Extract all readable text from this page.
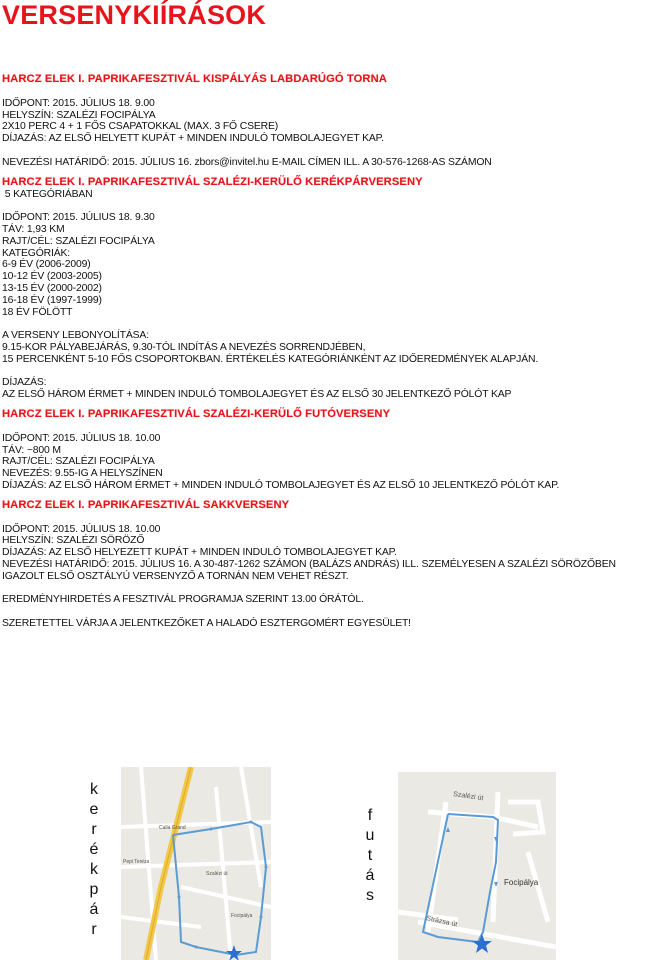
VERSENYKIÍRÁSOK
HARCZ ELEK I. PAPRIKAFESZTIVÁL KISPÁLYÁS LABDARÚGÓ TORNA
IDŐPONT: 2015. JÚLIUS 18. 9.00
HELYSZÍN: SZALÉZI FOCIPÁLYA
2X10 PERC 4 + 1 FŐS CSAPATOKKAL (MAX. 3 FŐ CSERE)
DÍJAZÁS: AZ ELSŐ HELYETT KUPÁT + MINDEN INDULÓ TOMBOLAJEGYET KAP.
NEVEZÉSI HATÁRIDŐ: 2015. JÚLIUS 16. zbors@invitel.hu E-MAIL CÍMEN ILL. A 30-576-1268-AS SZÁMON
HARCZ ELEK I. PAPRIKAFESZTIVÁL SZALÉZI-KERÜLŐ KERÉKPÁRVERSENY
5 KATEGÓRIÁBAN
IDŐPONT: 2015. JÚLIUS 18. 9.30
TÁV: 1,93 KM
RAJT/CÉL: SZALÉZI FOCIPÁLYA
KATEGÓRIÁK:
6-9 ÉV (2006-2009)
10-12 ÉV (2003-2005)
13-15 ÉV (2000-2002)
16-18 ÉV (1997-1999)
18 ÉV FÖLÖTT
A VERSENY LEBONYOLÍTÁSA:
9.15-KOR PÁLYABEJÁRÁS, 9.30-TÓL INDÍTÁS A NEVEZÉS SORRENDJÉBEN,
15 PERCENKÉNT 5-10 FŐS CSOPORTOKBAN. ÉRTÉKELÉS KATEGÓRIÁNKÉNT AZ IDŐEREDMÉNYEK ALAPJÁN.
DÍJAZÁS:
AZ ELSŐ HÁROM ÉRMET + MINDEN INDULÓ TOMBOLAJEGYET ÉS AZ ELSŐ 30 JELENTKEZŐ PÓLÓT KAP
HARCZ ELEK I. PAPRIKAFESZTIVÁL SZALÉZI-KERÜLŐ FUTÓVERSENY
IDŐPONT: 2015. JÚLIUS 18. 10.00
TÁV: ~800 M
RAJT/CÉL: SZALÉZI FOCIPÁLYA
NEVEZÉS: 9.55-IG A HELYSZÍNEN
DÍJAZÁS: AZ ELSŐ HÁROM ÉRMET + MINDEN INDULÓ TOMBOLAJEGYET ÉS AZ ELSŐ 10 JELENTKEZŐ PÓLÓT KAP.
HARCZ ELEK I. PAPRIKAFESZTIVÁL SAKKVERSENY
IDŐPONT: 2015. JÚLIUS 18. 10.00
HELYSZÍN: SZALÉZI SÖRÖZŐ
DÍJAZÁS: AZ ELSŐ HELYEZETT KUPÁT + MINDEN INDULÓ TOMBOLAJEGYET KAP.
NEVEZÉSI HATÁRIDŐ: 2015. JÚLIUS 16. A 30-487-1262 SZÁMON (BALÁZS ANDRÁS) ILL. SZEMÉLYESEN A SZALÉZI SÖRÖZŐBEN
IGAZOLT ELSŐ OSZTÁLYÚ VERSENYZŐ A TORNÁN NEM VEHET RÉSZT.
EREDMÉNYHIRDETÉS A FESZTIVÁL PROGRAMJA SZERINT 13.00 ÓRÁTÓL.
SZERETETTEL VÁRJA A JELENTKEZŐKET A HALADÓ ESZTERGOMÉRT EGYESÜLET!
k
e
r
é
k
p
á
r
Calla Grand
Szalézi út
Focipálya
Pepi Teréza
f
u
t
á
s
Szalézi út
Focipálya
Strázsa út
